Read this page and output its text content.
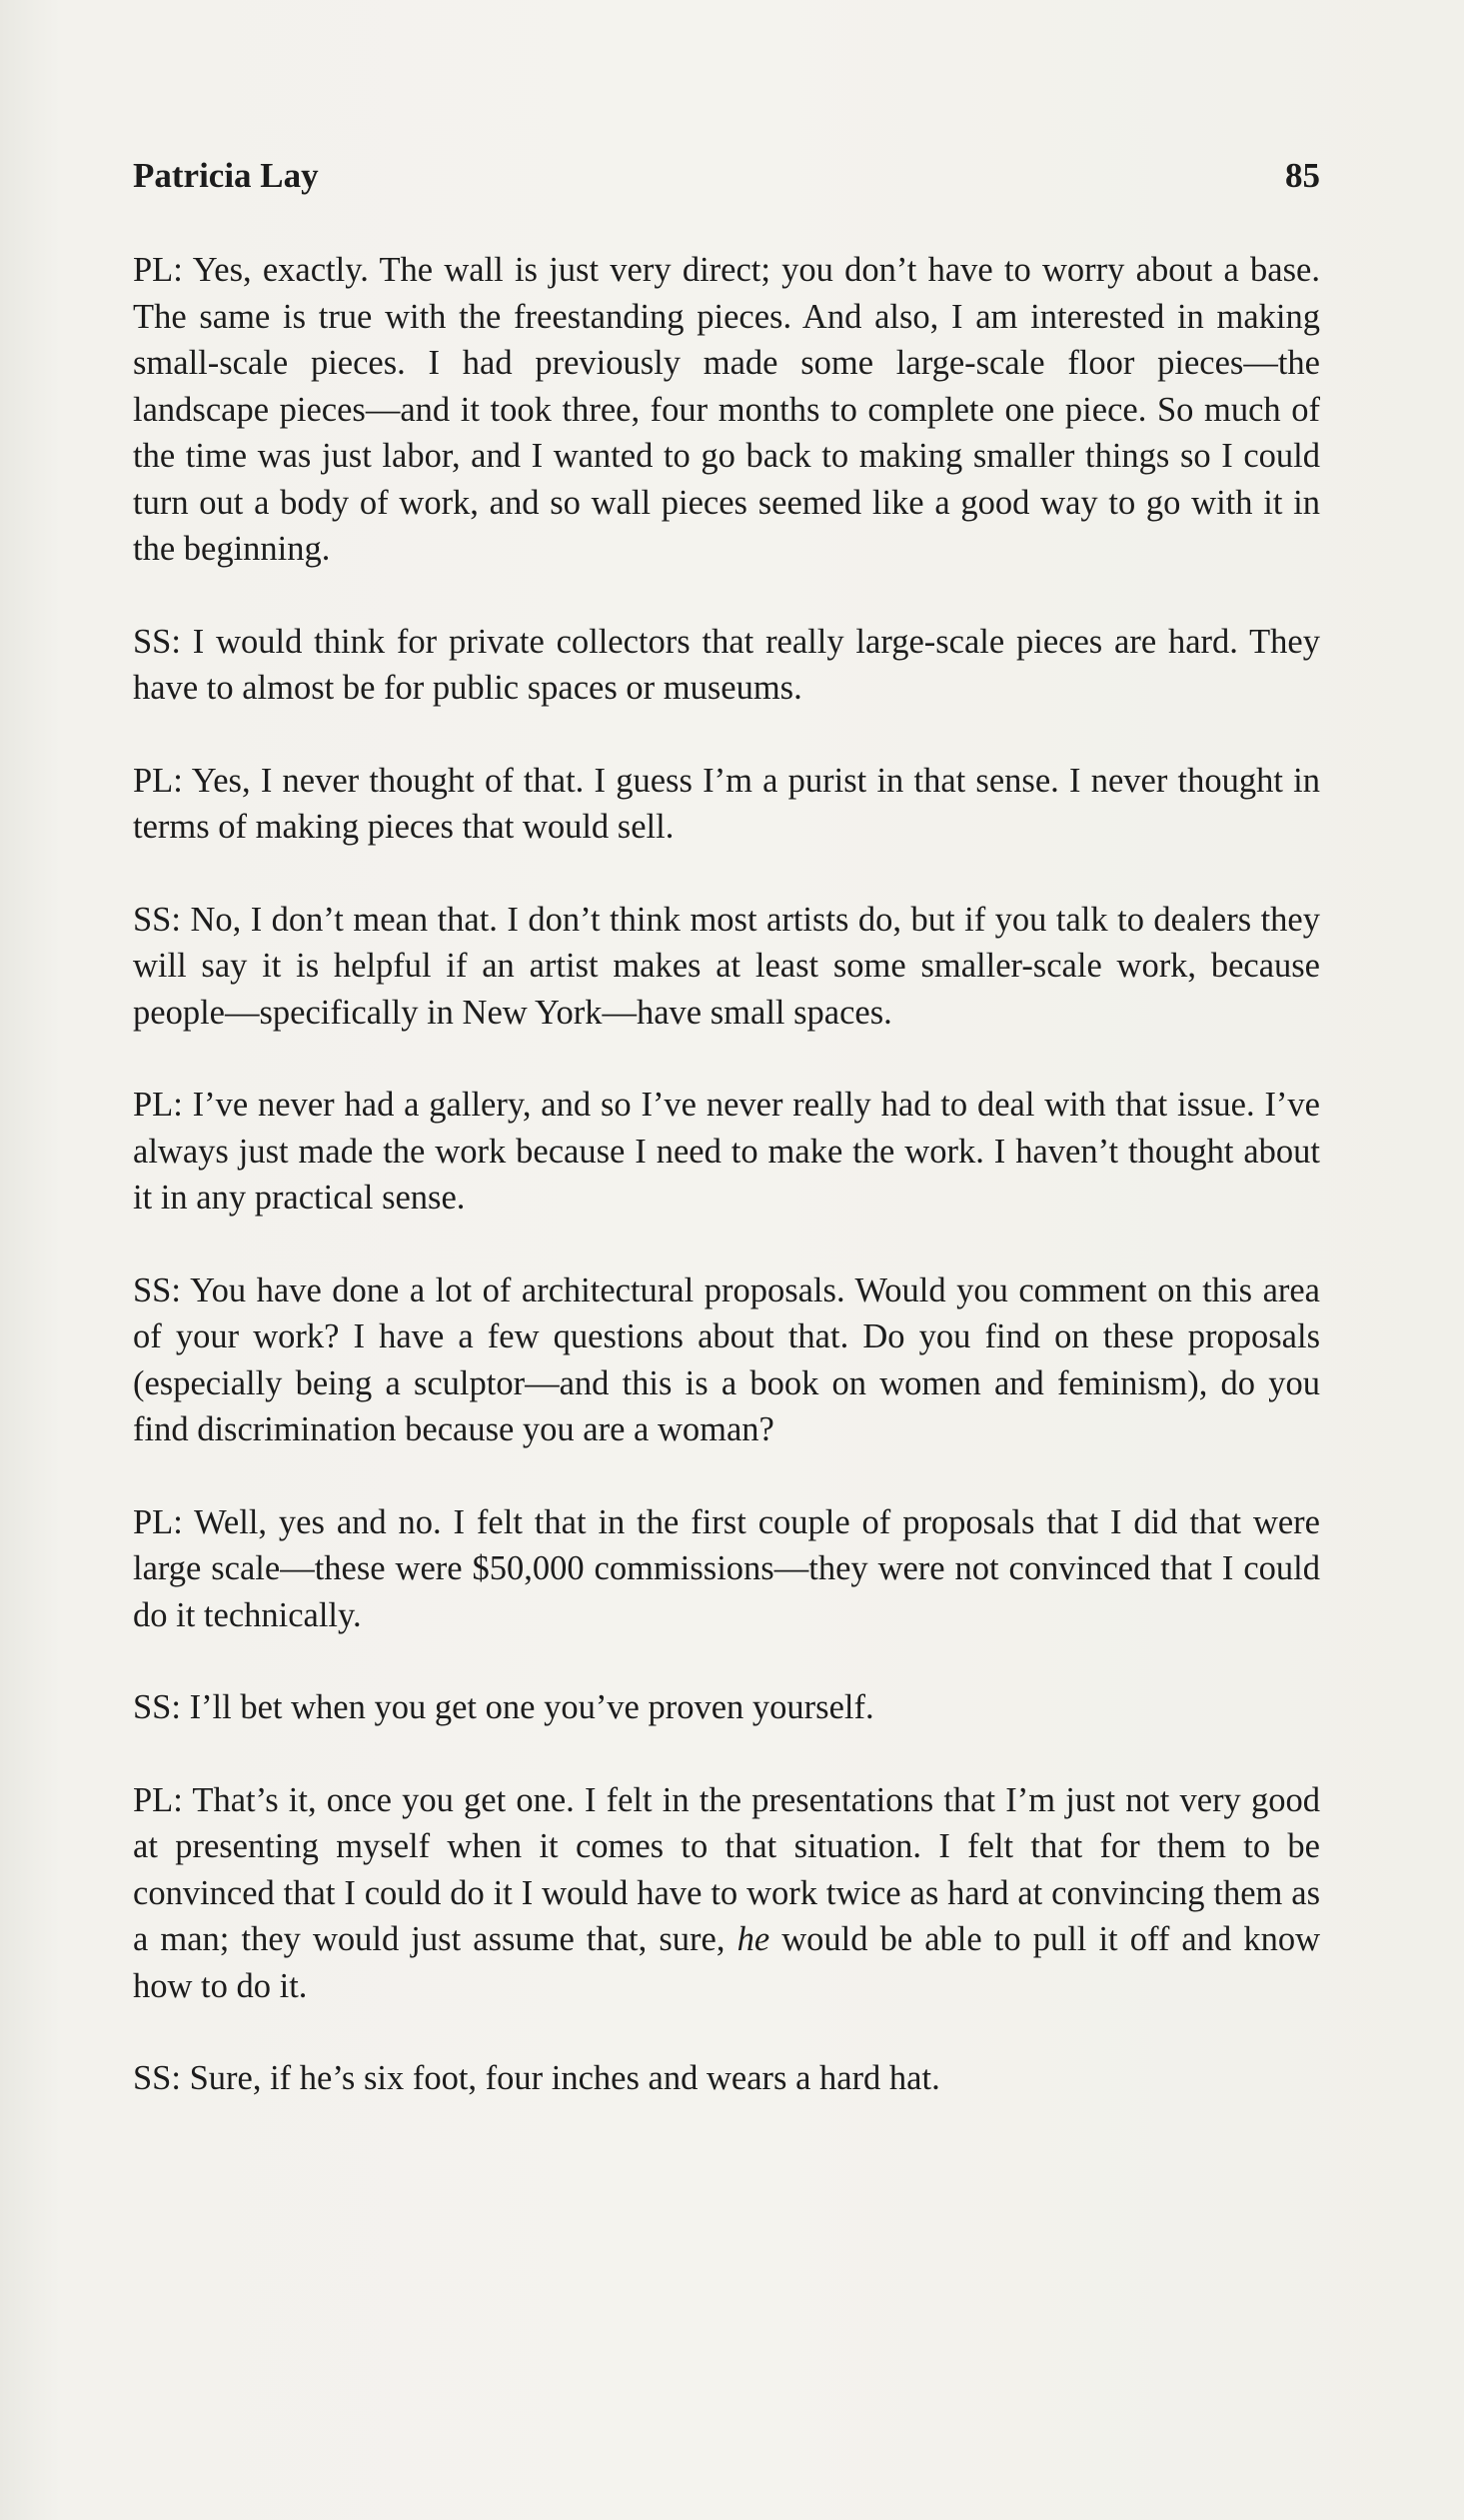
Patricia Lay	85

PL: Yes, exactly. The wall is just very direct; you don’t have to worry about a base. The same is true with the freestanding pieces. And also, I am interested in making small-scale pieces. I had previously made some large-scale floor pieces—the landscape pieces—and it took three, four months to complete one piece. So much of the time was just labor, and I wanted to go back to making smaller things so I could turn out a body of work, and so wall pieces seemed like a good way to go with it in the beginning.

SS: I would think for private collectors that really large-scale pieces are hard. They have to almost be for public spaces or museums.

PL: Yes, I never thought of that. I guess I’m a purist in that sense. I never thought in terms of making pieces that would sell.

SS: No, I don’t mean that. I don’t think most artists do, but if you talk to dealers they will say it is helpful if an artist makes at least some smaller-scale work, because people—specifically in New York—have small spaces.

PL: I’ve never had a gallery, and so I’ve never really had to deal with that issue. I’ve always just made the work because I need to make the work. I haven’t thought about it in any practical sense.

SS: You have done a lot of architectural proposals. Would you comment on this area of your work? I have a few questions about that. Do you find on these proposals (especially being a sculptor—and this is a book on women and feminism), do you find discrimination because you are a woman?

PL: Well, yes and no. I felt that in the first couple of proposals that I did that were large scale—these were $50,000 commissions—they were not convinced that I could do it technically.

SS: I’ll bet when you get one you’ve proven yourself.

PL: That’s it, once you get one. I felt in the presentations that I’m just not very good at presenting myself when it comes to that situation. I felt that for them to be convinced that I could do it I would have to work twice as hard at convincing them as a man; they would just assume that, sure, he would be able to pull it off and know how to do it.

SS: Sure, if he’s six foot, four inches and wears a hard hat.
